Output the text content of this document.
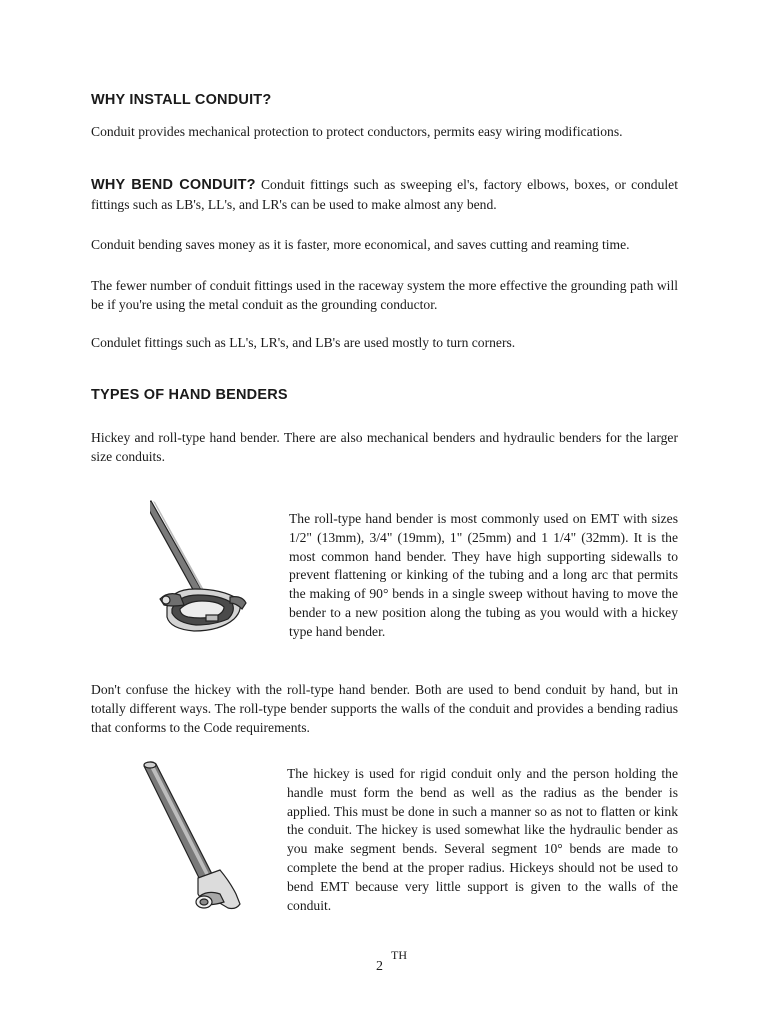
WHY INSTALL CONDUIT?

Conduit provides mechanical protection to protect conductors, permits easy wiring modifications.

WHY BEND CONDUIT? Conduit fittings such as sweeping el's, factory elbows, boxes, or condulet fittings such as LB's, LL's, and LR's can be used to make almost any bend.

Conduit bending saves money as it is faster, more economical, and saves cutting and reaming time.

The fewer number of conduit fittings used in the raceway system the more effective the grounding path will be if you're using the metal conduit as the grounding conductor.

Condulet fittings such as LL's, LR's, and LB's are used mostly to turn corners.

TYPES OF HAND BENDERS

Hickey and roll-type hand bender. There are also mechanical benders and hydraulic benders for the larger size conduits.

The roll-type hand bender is most commonly used on EMT with sizes 1/2" (13mm), 3/4" (19mm), 1" (25mm) and 1 1/4" (32mm). It is the most common hand bender. They have high supporting sidewalls to prevent flattening or kinking of the tubing and a long arc that permits the making of 90° bends in a single sweep without having to move the bender to a new position along the tubing as you would with a hickey type hand bender.

Don't confuse the hickey with the roll-type hand bender. Both are used to bend conduit by hand, but in totally different ways. The roll-type bender supports the walls of the conduit and provides a bending radius that conforms to the Code requirements.

The hickey is used for rigid conduit only and the person holding the handle must form the bend as well as the radius as the bender is applied. This must be done in such a manner so as not to flatten or kink the conduit. The hickey is used somewhat like the hydraulic bender as you make segment bends. Several segment 10° bends are made to complete the bend at the proper radius. Hickeys should not be used to bend EMT because very little support is given to the walls of the conduit.

2
TH
